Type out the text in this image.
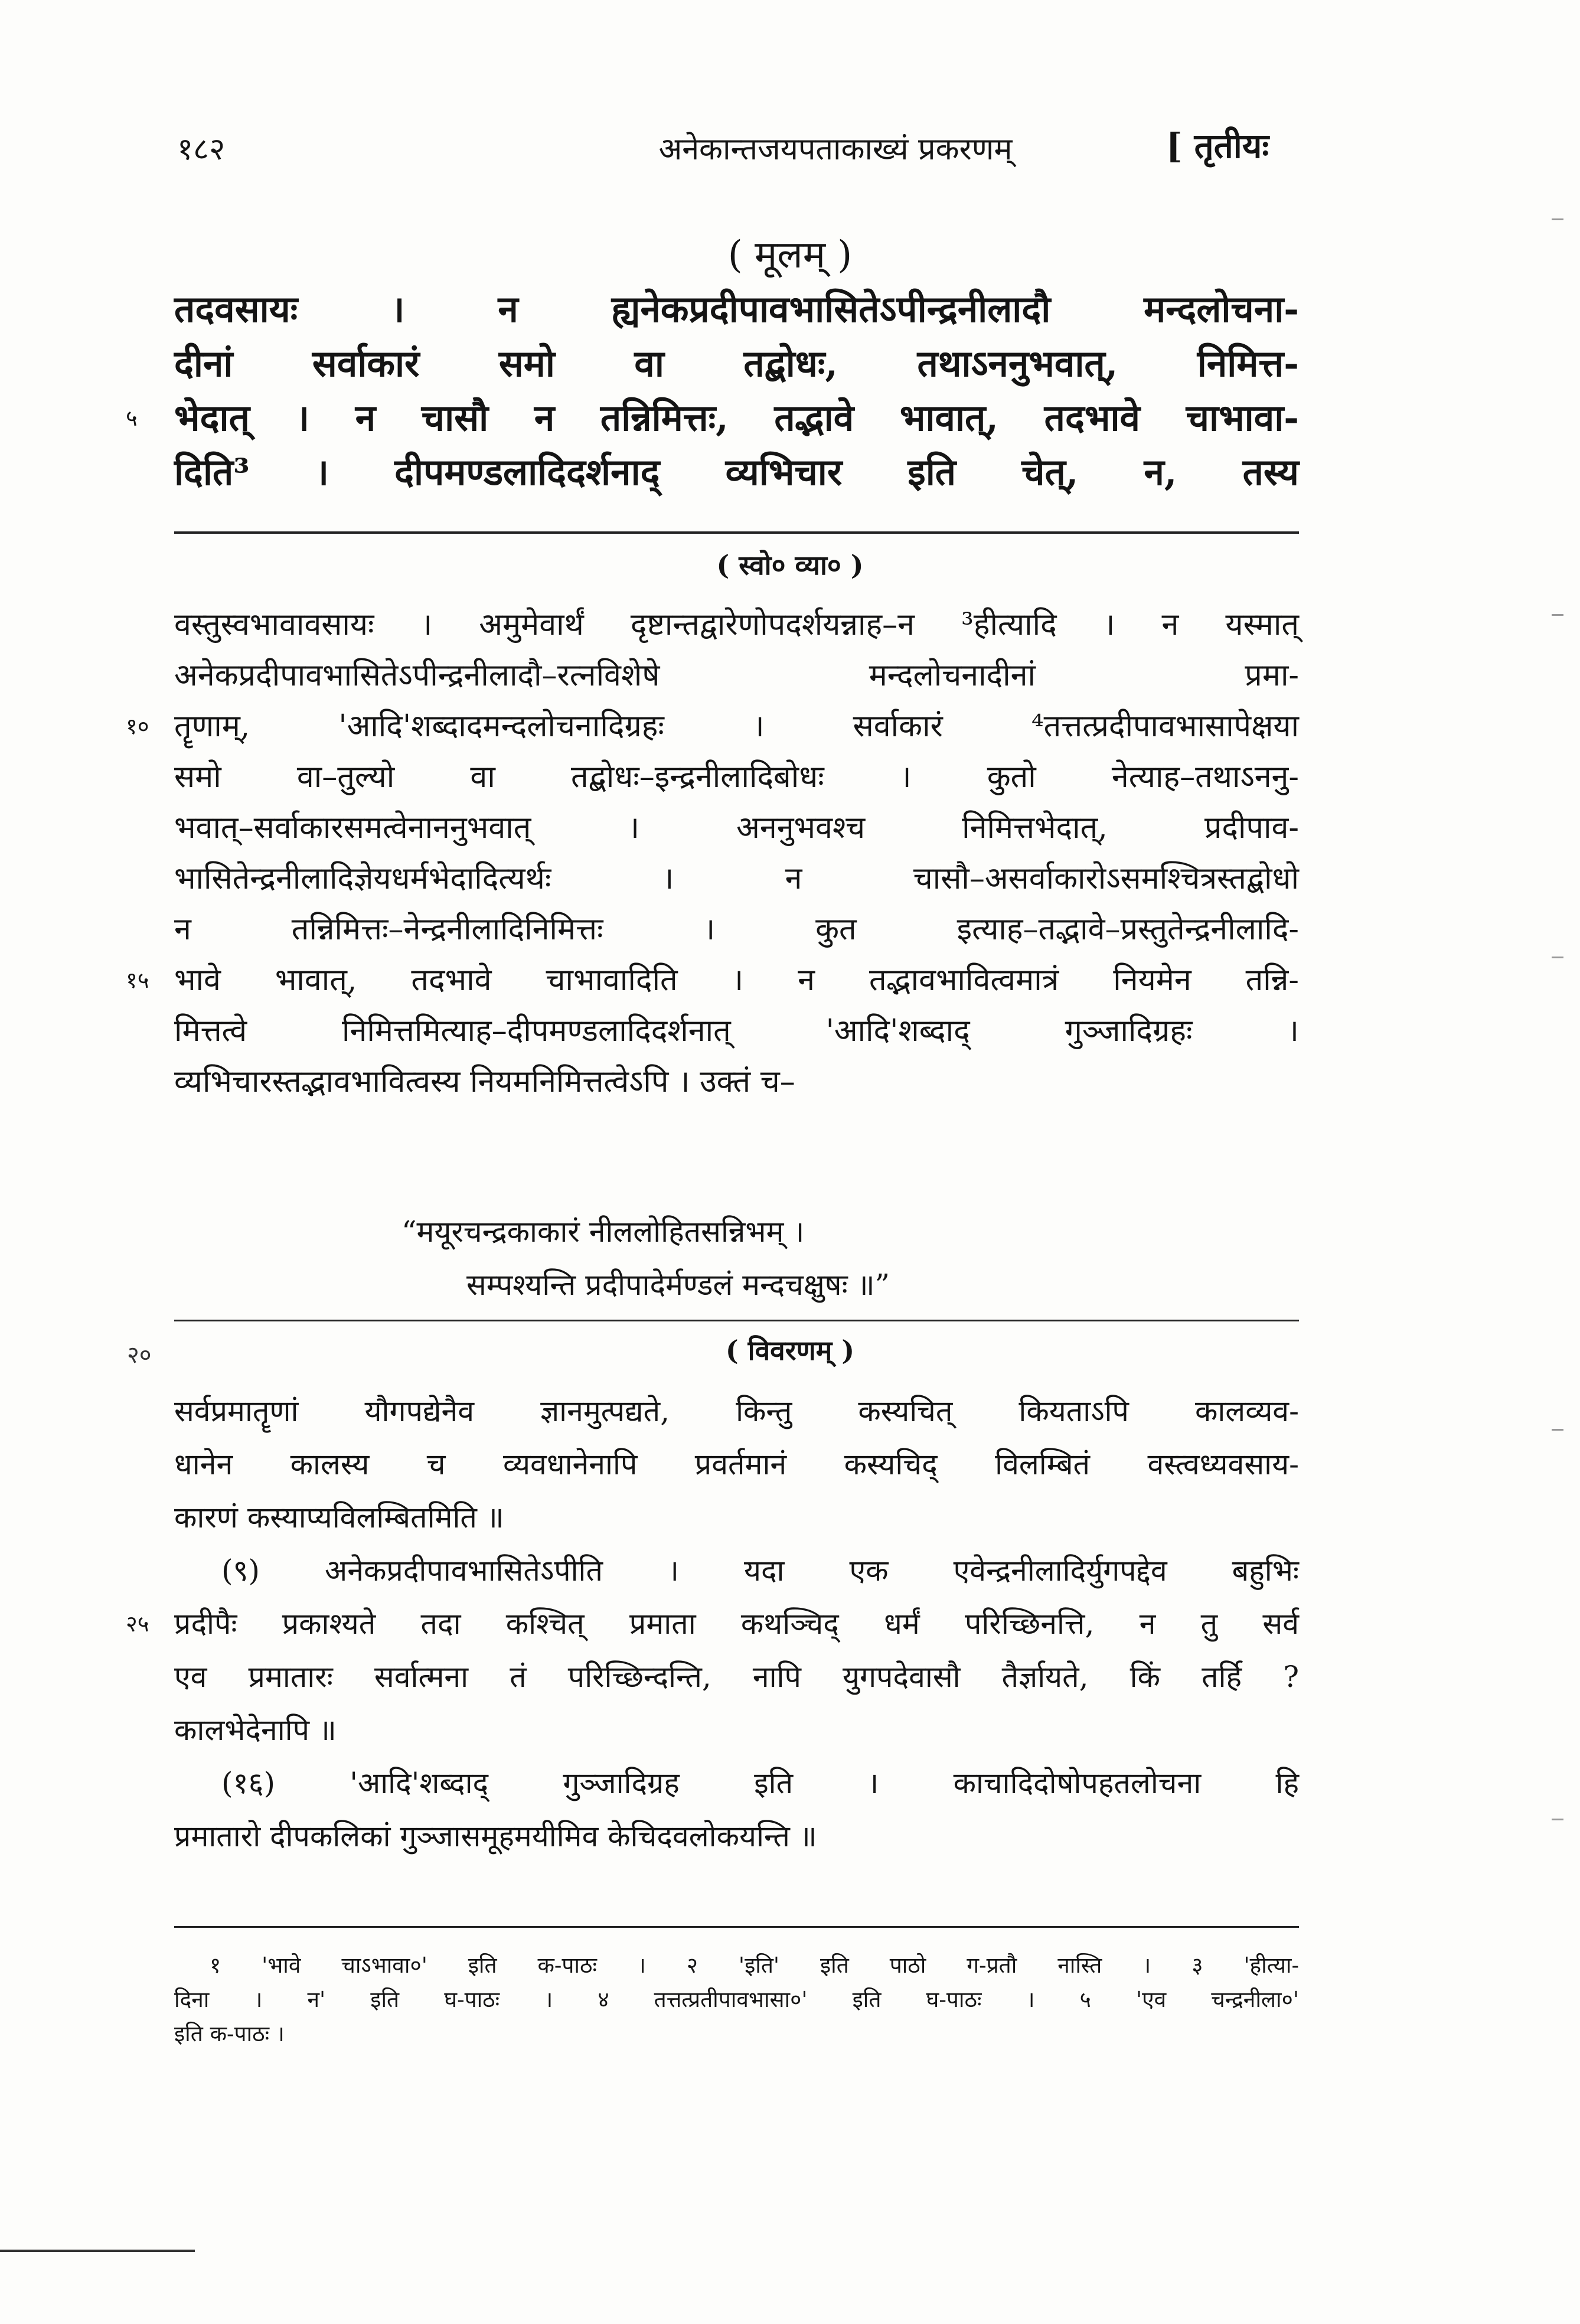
१८२	अनेकान्तजयपताकाख्यं प्रकरणम्	[ तृतीयः
( मूलम् )
तदवसायः । न ह्यनेकप्रदीपावभासितेऽपीन्द्रनीलादौ मन्दलोचना-
दीनां सर्वाकारं समो वा तद्बोधः, तथाऽननुभवात्, निमित्त-
५ भेदात् । न चासौ न तन्निमित्तः, तद्भावे भावात्, तदभावे चाभावा-
दिति³ । दीपमण्डलादिदर्शनाद् व्यभिचार इति चेत्, न, तस्य
( स्वो० व्या० )
वस्तुस्वभावावसायः । अमुमेवार्थं दृष्टान्तद्वारेणोपदर्शयन्नाह–न ³हीत्यादि । न यस्मात्
अनेकप्रदीपावभासितेऽपीन्द्रनीलादौ–रत्नविशेषे मन्दलोचनादीनां प्रमा-
१० तॄणाम्, 'आदि'शब्दादमन्दलोचनादिग्रहः । सर्वाकारं ⁴तत्तत्प्रदीपावभासापेक्षया
समो वा–तुल्यो वा तद्बोधः–इन्द्रनीलादिबोधः । कुतो नेत्याह–तथाऽननु-
भवात्–सर्वाकारसमत्वेनाननुभवात् । अननुभवश्च निमित्तभेदात्, प्रदीपाव-
भासितेन्द्रनीलादिज्ञेयधर्मभेदादित्यर्थः । न चासौ–असर्वाकारोऽसमश्चित्रस्तद्बोधो
न तन्निमित्तः–नेन्द्रनीलादिनिमित्तः । कुत इत्याह–तद्भावे–प्रस्तुतेन्द्रनीलादि-
१५ भावे भावात्, तदभावे चाभावादिति । न तद्भावभावित्वमात्रं नियमेन तन्नि-
मित्तत्वे निमित्तमित्याह–दीपमण्डलादिदर्शनात् 'आदि'शब्दाद् गुञ्जादिग्रहः ।
व्यभिचारस्तद्भावभावित्वस्य नियमनिमित्तत्वेऽपि । उक्तं च–
“मयूरचन्द्रकाकारं नीललोहितसन्निभम् ।
सम्पश्यन्ति प्रदीपादेर्मण्डलं मन्दचक्षुषः ॥”
२०	( विवरणम् )
सर्वप्रमातॄणां यौगपद्येनैव ज्ञानमुत्पद्यते, किन्तु कस्यचित् कियताऽपि कालव्यव-
धानेन कालस्य च व्यवधानेनापि प्रवर्तमानं कस्यचिद् विलम्बितं वस्त्वध्यवसाय-
कारणं कस्याप्यविलम्बितमिति ॥
(९) अनेकप्रदीपावभासितेऽपीति । यदा एक एवेन्द्रनीलादिर्युगपद्देव बहुभिः
२५ प्रदीपैः प्रकाश्यते तदा कश्चित् प्रमाता कथञ्चिद् धर्मं परिच्छिनत्ति, न तु सर्व
एव प्रमातारः सर्वात्मना तं परिच्छिन्दन्ति, नापि युगपदेवासौ तैर्ज्ञायते, किं तर्हि ?
कालभेदेनापि ॥
(१६) 'आदि'शब्दाद् गुञ्जादिग्रह इति । काचादिदोषोपहतलोचना हि
प्रमातारो दीपकलिकां गुञ्जासमूहमयीमिव केचिदवलोकयन्ति ॥
१ 'भावे चाऽभावा०' इति क-पाठः । २ 'इति' इति पाठो ग-प्रतौ नास्ति । ३ 'हीत्या-
दिना । न' इति घ-पाठः । ४ तत्तत्प्रतीपावभासा०' इति घ-पाठः । ५ 'एव चन्द्रनीला०'
इति क-पाठः ।
